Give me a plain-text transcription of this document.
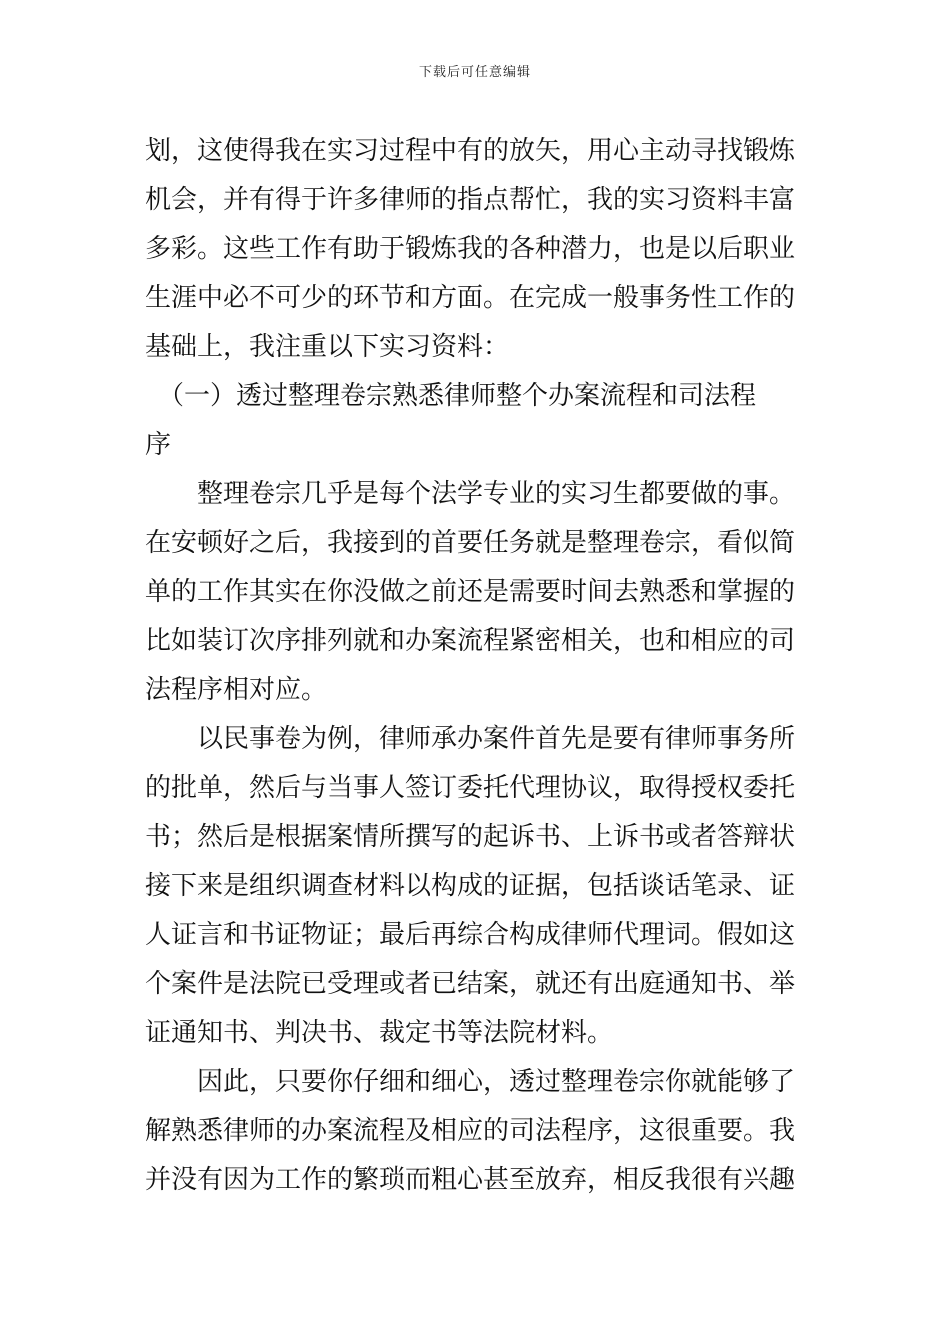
下载后可任意编辑
划，这使得我在实习过程中有的放矢，用心主动寻找锻炼
机会，并有得于许多律师的指点帮忙，我的实习资料丰富
多彩。这些工作有助于锻炼我的各种潜力，也是以后职业
生涯中必不可少的环节和方面。在完成一般事务性工作的
基础上，我注重以下实习资料：
　（一）透过整理卷宗熟悉律师整个办案流程和司法程
序
　　整理卷宗几乎是每个法学专业的实习生都要做的事。
在安顿好之后，我接到的首要任务就是整理卷宗，看似简
单的工作其实在你没做之前还是需要时间去熟悉和掌握的
比如装订次序排列就和办案流程紧密相关，也和相应的司
法程序相对应。
　　以民事卷为例，律师承办案件首先是要有律师事务所
的批单，然后与当事人签订委托代理协议，取得授权委托
书；然后是根据案情所撰写的起诉书、上诉书或者答辩状
接下来是组织调查材料以构成的证据，包括谈话笔录、证
人证言和书证物证；最后再综合构成律师代理词。假如这
个案件是法院已受理或者已结案，就还有出庭通知书、举
证通知书、判决书、裁定书等法院材料。
　　因此，只要你仔细和细心，透过整理卷宗你就能够了
解熟悉律师的办案流程及相应的司法程序，这很重要。我
并没有因为工作的繁琐而粗心甚至放弃，相反我很有兴趣
